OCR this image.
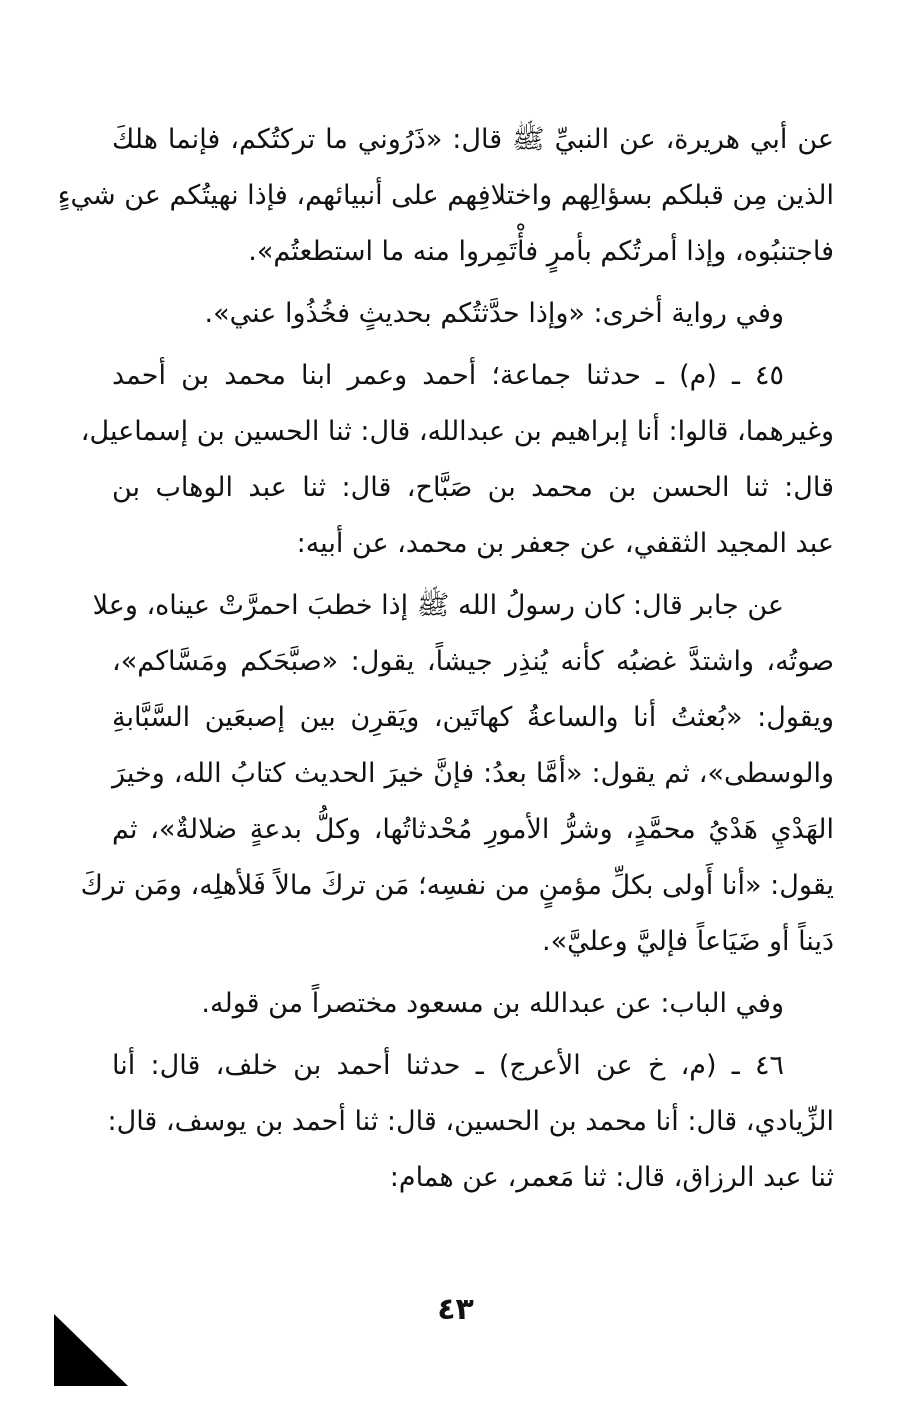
عن أبي هريرة، عن النبيِّ ﷺ قال: «ذَرُوني ما تركتُكم، فإنما هلكَ
الذين مِن قبلكم بسؤالِهم واختلافِهم على أنبيائهم، فإذا نهيتُكم عن شيءٍ
فاجتنبُوه، وإذا أمرتُكم بأمرٍ فأْتَمِروا منه ما استطعتُم».
وفي رواية أخرى: «وإذا حدَّثتُكم بحديثٍ فخُذُوا عني».
٤٥ ـ (م) ـ حدثنا جماعة؛ أحمد وعمر ابنا محمد بن أحمد
وغيرهما، قالوا: أنا إبراهيم بن عبدالله، قال: ثنا الحسين بن إسماعيل،
قال: ثنا الحسن بن محمد بن صَبَّاح، قال: ثنا عبد الوهاب بن
عبد المجيد الثقفي، عن جعفر بن محمد، عن أبيه:
عن جابر قال: كان رسولُ الله ﷺ إذا خطبَ احمرَّتْ عيناه، وعلا
صوتُه، واشتدَّ غضبُه كأنه يُنذِر جيشاً، يقول: «صبَّحَكم ومَسَّاكم»،
ويقول: «بُعثتُ أنا والساعةُ كهاتَين، ويَقرِن بين إصبعَين السَّبَّابةِ
والوسطى»، ثم يقول: «أمَّا بعدُ: فإنَّ خيرَ الحديث كتابُ الله، وخيرَ
الهَدْيِ هَدْيُ محمَّدٍ، وشرُّ الأمورِ مُحْدثاتُها، وكلُّ بدعةٍ ضلالةٌ»، ثم
يقول: «أنا أَولى بكلِّ مؤمنٍ من نفسِه؛ مَن تركَ مالاً فَلأهلِه، ومَن تركَ
دَيناً أو ضَيَاعاً فإليَّ وعليَّ».
وفي الباب: عن عبدالله بن مسعود مختصراً من قوله.
٤٦ ـ (م، خ عن الأعرج) ـ حدثنا أحمد بن خلف، قال: أنا
الزِّيادي، قال: أنا محمد بن الحسين، قال: ثنا أحمد بن يوسف، قال:
ثنا عبد الرزاق، قال: ثنا مَعمر، عن همام:
٤٣
